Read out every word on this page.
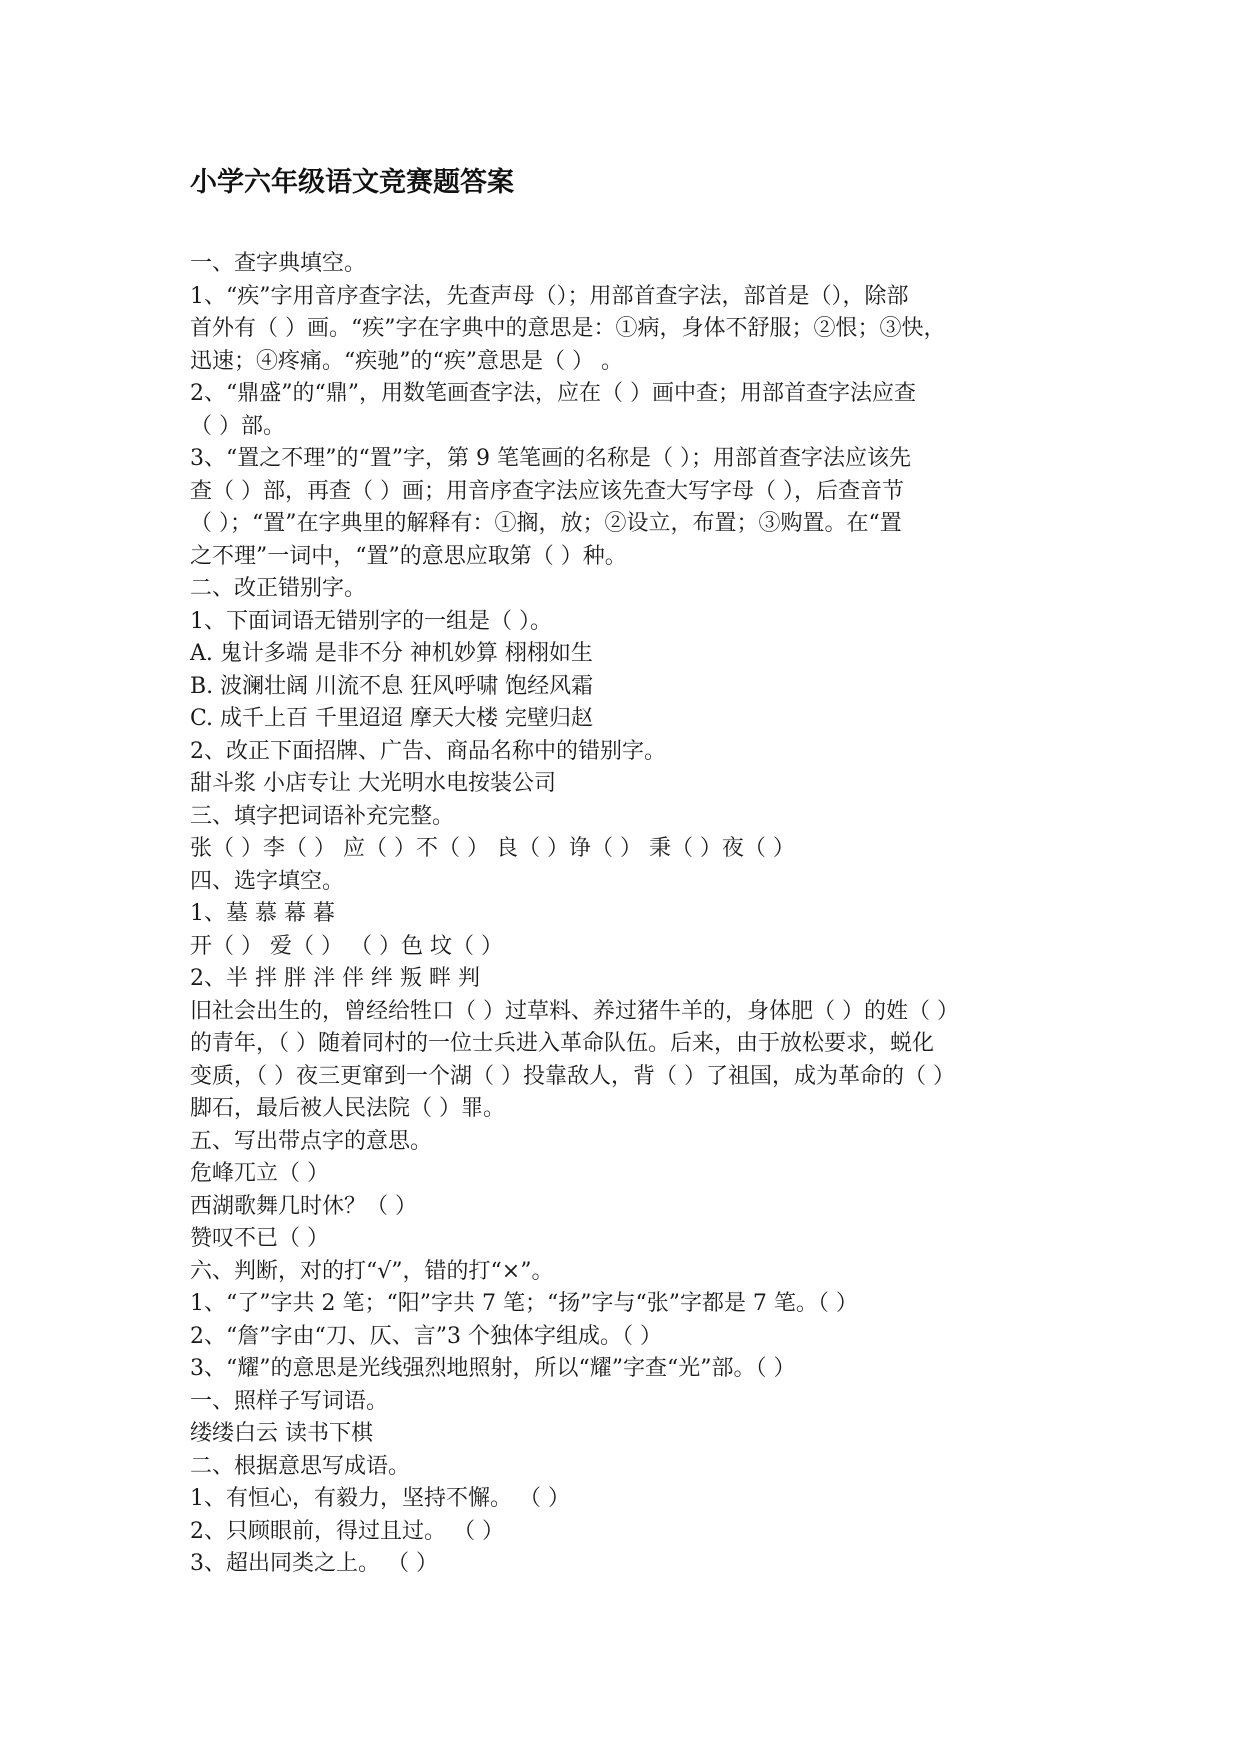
小学六年级语文竞赛题答案
一、查字典填空。
1、“疾”字用音序查字法，先查声母（）；用部首查字法，部首是（），除部
首外有（ ）画。“疾”字在字典中的意思是：①病，身体不舒服；②恨；③快，
迅速；④疼痛。“疾驰”的“疾”意思是（ ） 。
2、“鼎盛”的“鼎”，用数笔画查字法，应在（ ）画中查；用部首查字法应查
（ ）部。
3、“置之不理”的“置”字，第 9 笔笔画的名称是（ ）；用部首查字法应该先
查（ ）部，再查（ ）画；用音序查字法应该先查大写字母（ ），后查音节
（ ）；“置”在字典里的解释有：①搁，放；②设立，布置；③购置。在“置
之不理”一词中，“置”的意思应取第（ ）种。
二、改正错别字。
1、下面词语无错别字的一组是（ ）。
A. 鬼计多端 是非不分 神机妙算 栩栩如生
B. 波澜壮阔 川流不息 狂风呼啸 饱经风霜
C. 成千上百 千里迢迢 摩天大楼 完壁归赵
2、改正下面招牌、广告、商品名称中的错别字。
甜斗浆 小店专让 大光明水电按装公司
三、填字把词语补充完整。
张（ ）李（ ） 应（ ）不（ ） 良（ ）诤（ ） 秉（ ）夜（ ）
四、选字填空。
1、墓 慕 幕 暮
开（ ） 爱（ ） （ ）色 坟（ ）
2、半 拌 胖 泮 伴 绊 叛 畔 判
旧社会出生的，曾经给牲口（ ）过草料、养过猪牛羊的，身体肥（ ）的姓（ ）
的青年，（ ）随着同村的一位士兵进入革命队伍。后来，由于放松要求，蜕化
变质，（ ）夜三更窜到一个湖（ ）投靠敌人，背（ ）了祖国，成为革命的（ ）
脚石，最后被人民法院（ ）罪。
五、写出带点字的意思。
危峰兀立（ ）
西湖歌舞几时休？（ ）
赞叹不已（ ）
六、判断，对的打“√”，错的打“×”。
1、“了”字共 2 笔；“阳”字共 7 笔；“扬”字与“张”字都是 7 笔。（ ）
2、“詹”字由“刀、仄、言”3 个独体字组成。（ ）
3、“耀”的意思是光线强烈地照射，所以“耀”字查“光”部。（ ）
一、照样子写词语。
缕缕白云 读书下棋
二、根据意思写成语。
1、有恒心，有毅力，坚持不懈。 （ ）
2、只顾眼前，得过且过。 （ ）
3、超出同类之上。 （ ）
